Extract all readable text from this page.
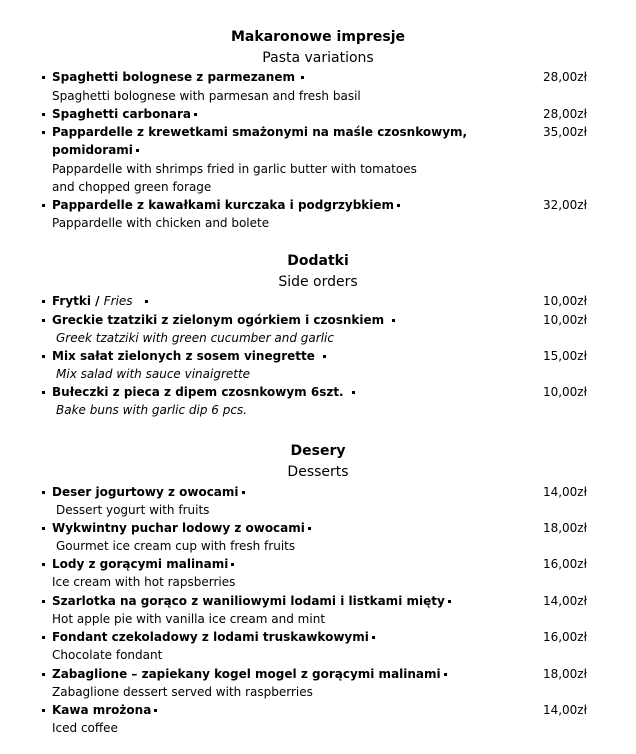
Makaronowe impresje
Pasta variations
Spaghetti bolognese z parmezanem	28,00zł
Spaghetti bolognese with parmesan and fresh basil
Spaghetti carbonara	28,00zł
Pappardelle z krewetkami smażonymi na maśle czosnkowym,	35,00zł
pomidorami
Pappardelle with shrimps fried in garlic butter with tomatoes
and chopped green forage
Pappardelle z kawałkami kurczaka i podgrzybkiem	32,00zł
Pappardelle with chicken and bolete
Dodatki
Side orders
Frytki / Fries	10,00zł
Greckie tzatziki z zielonym ogórkiem i czosnkiem	10,00zł
Greek tzatziki with green cucumber and garlic
Mix sałat zielonych z sosem vinegrette	15,00zł
Mix salad with sauce vinaigrette
Bułeczki z pieca z dipem czosnkowym 6szt.	10,00zł
Bake buns with garlic dip 6 pcs.
Desery
Desserts
Deser jogurtowy z owocami	14,00zł
Dessert yogurt with fruits
Wykwintny puchar lodowy z owocami	18,00zł
Gourmet ice cream cup with fresh fruits
Lody z gorącymi malinami	16,00zł
Ice cream with hot rapsberries
Szarlotka na gorąco z waniliowymi lodami i listkami mięty	14,00zł
Hot apple pie with vanilla ice cream and mint
Fondant czekoladowy z lodami truskawkowymi	16,00zł
Chocolate fondant
Zabaglione – zapiekany kogel mogel z gorącymi malinami	18,00zł
Zabaglione dessert served with raspberries
Kawa mrożona	14,00zł
Iced coffee
